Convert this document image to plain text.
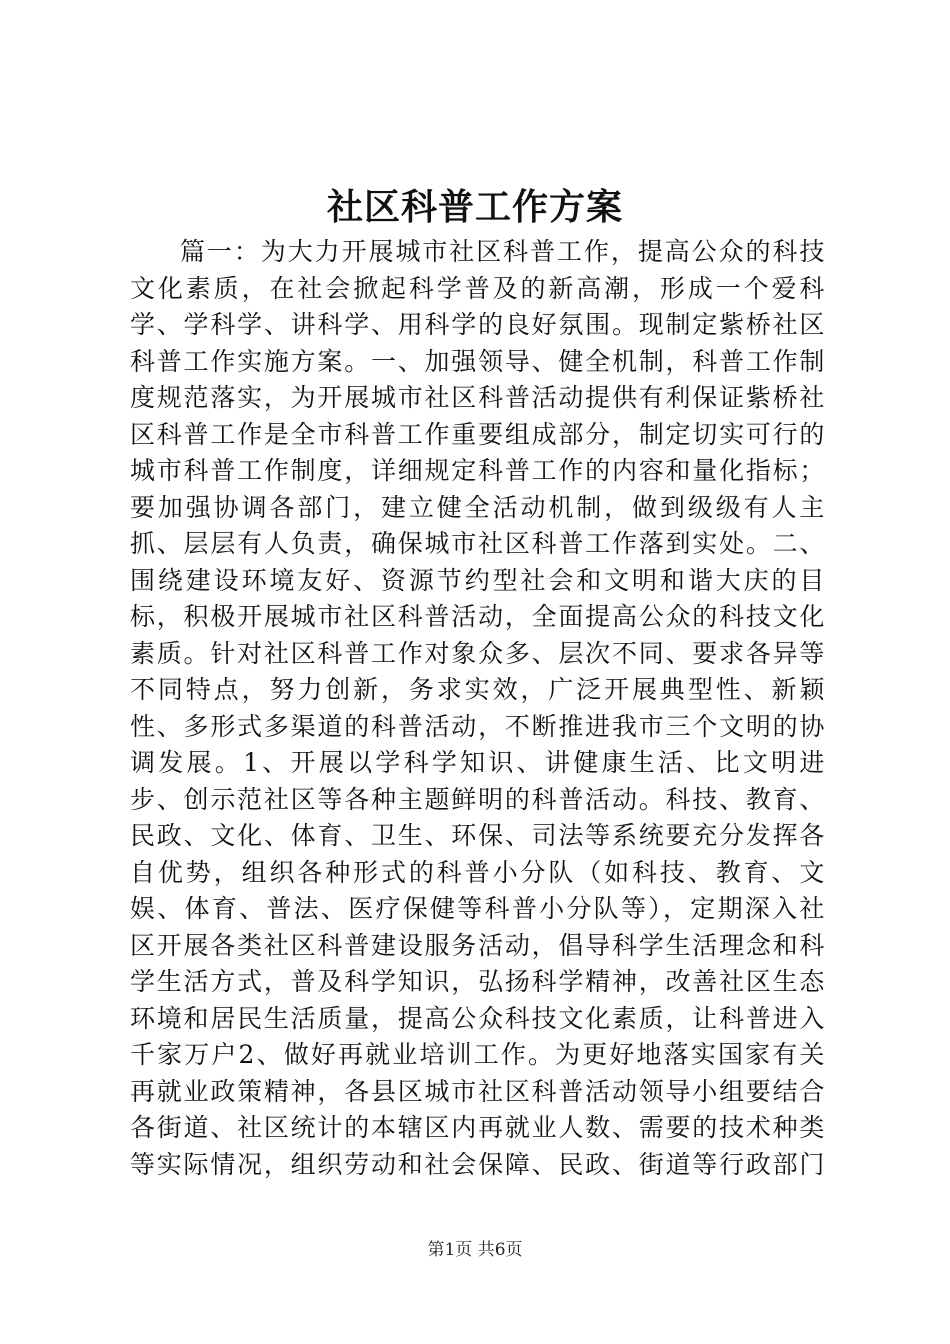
社区科普工作方案

篇一：为大力开展城市社区科普工作，提高公众的科技文化素质，在社会掀起科学普及的新高潮，形成一个爱科学、学科学、讲科学、用科学的良好氛围。现制定紫桥社区科普工作实施方案。一、加强领导、健全机制，科普工作制度规范落实，为开展城市社区科普活动提供有利保证紫桥社区科普工作是全市科普工作重要组成部分，制定切实可行的城市科普工作制度，详细规定科普工作的内容和量化指标；要加强协调各部门，建立健全活动机制，做到级级有人主抓、层层有人负责，确保城市社区科普工作落到实处。二、围绕建设环境友好、资源节约型社会和文明和谐大庆的目标，积极开展城市社区科普活动，全面提高公众的科技文化素质。针对社区科普工作对象众多、层次不同、要求各异等不同特点，努力创新，务求实效，广泛开展典型性、新颖性、多形式多渠道的科普活动，不断推进我市三个文明的协调发展。1、开展以学科学知识、讲健康生活、比文明进步、创示范社区等各种主题鲜明的科普活动。科技、教育、民政、文化、体育、卫生、环保、司法等系统要充分发挥各自优势，组织各种形式的科普小分队（如科技、教育、文娱、体育、普法、医疗保健等科普小分队等），定期深入社区开展各类社区科普建设服务活动，倡导科学生活理念和科学生活方式，普及科学知识，弘扬科学精神，改善社区生态环境和居民生活质量，提高公众科技文化素质，让科普进入千家万户2、做好再就业培训工作。为更好地落实国家有关再就业政策精神，各县区城市社区科普活动领导小组要结合各街道、社区统计的本辖区内再就业人数、需要的技术种类等实际情况，组织劳动和社会保障、民政、街道等行政部门

第1页 共6页
